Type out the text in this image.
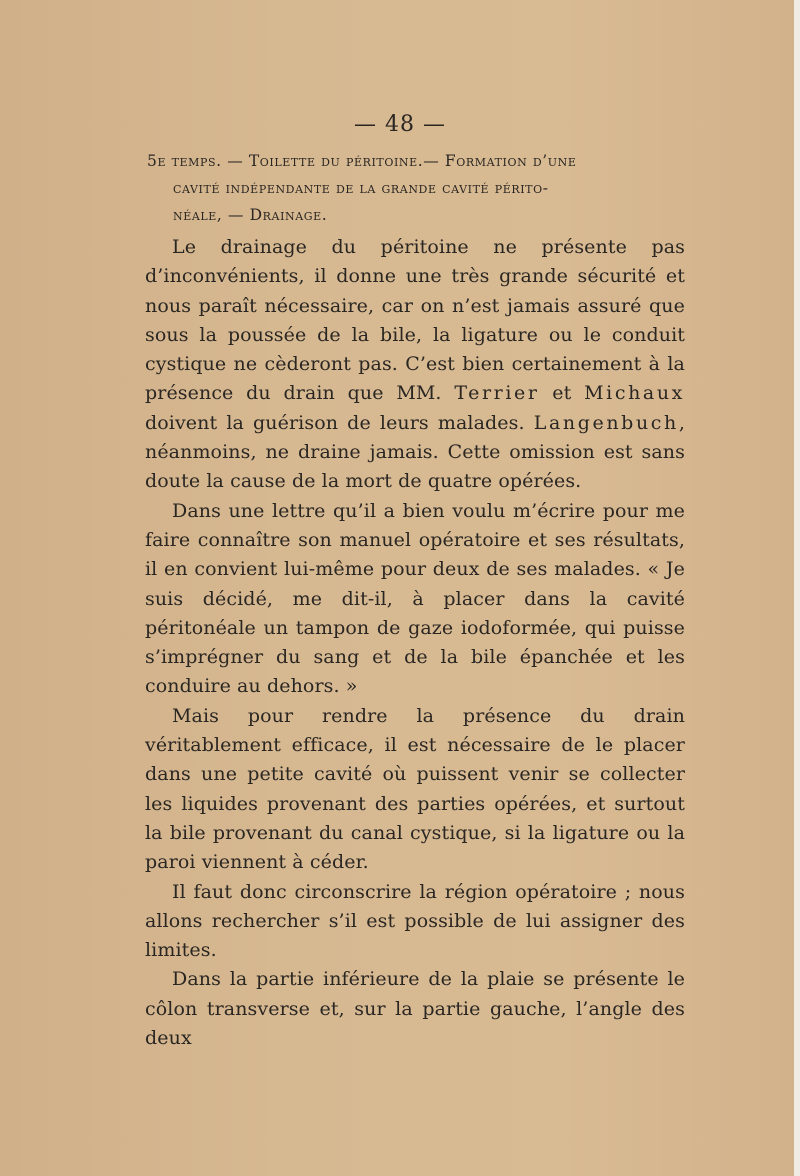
— 48 —
5e temps. — Toilette du péritoine.— Formation d’une
cavité indépendante de la grande cavité périto-
néale, — Drainage.

Le drainage du péritoine ne présente pas d’inconvénients, il donne une très grande sécurité et nous paraît nécessaire, car on n’est jamais assuré que sous la poussée de la bile, la ligature ou le conduit cystique ne cèderont pas. C’est bien certainement à la présence du drain que MM. Terrier et Michaux doivent la guérison de leurs malades. Langenbuch, néanmoins, ne draine jamais. Cette omission est sans doute la cause de la mort de quatre opérées.

Dans une lettre qu’il a bien voulu m’écrire pour me faire connaître son manuel opératoire et ses résultats, il en convient lui-même pour deux de ses malades. « Je suis décidé, me dit-il, à placer dans la cavité péritonéale un tampon de gaze iodoformée, qui puisse s’imprégner du sang et de la bile épanchée et les conduire au dehors. »

Mais pour rendre la présence du drain véritablement efficace, il est nécessaire de le placer dans une petite cavité où puissent venir se collecter les liquides provenant des parties opérées, et surtout la bile provenant du canal cystique, si la ligature ou la paroi viennent à céder.

Il faut donc circonscrire la région opératoire ; nous allons rechercher s’il est possible de lui assigner des limites.

Dans la partie inférieure de la plaie se présente le côlon transverse et, sur la partie gauche, l’angle des deux
